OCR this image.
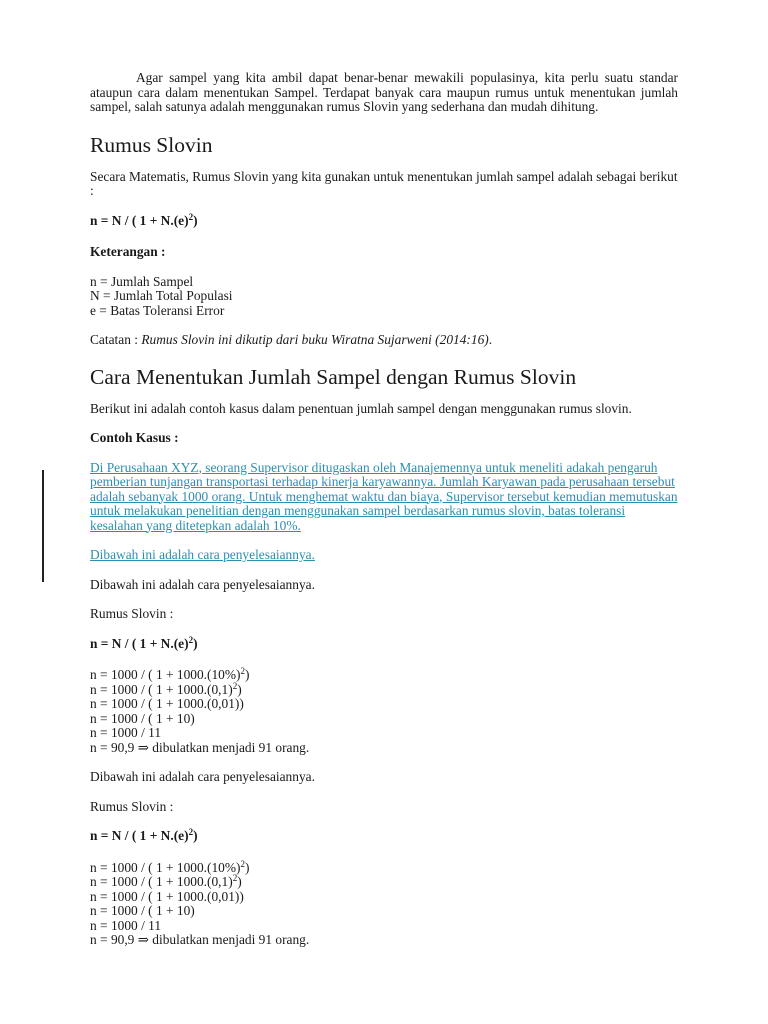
Agar sampel yang kita ambil dapat benar-benar mewakili populasinya, kita perlu suatu standar ataupun cara dalam menentukan Sampel. Terdapat banyak cara maupun rumus untuk menentukan jumlah sampel, salah satunya adalah menggunakan rumus Slovin yang sederhana dan mudah dihitung.

Rumus Slovin

Secara Matematis, Rumus Slovin yang kita gunakan untuk menentukan jumlah sampel adalah sebagai berikut :

n = N / ( $1 + N.(e)^2$)

Keterangan :

n = Jumlah Sampel
N = Jumlah Total Populasi
e = Batas Toleransi Error

Catatan : Rumus Slovin ini dikutip dari buku Wiratna Sujarweni (2014:16).

Cara Menentukan Jumlah Sampel dengan Rumus Slovin

Berikut ini adalah contoh kasus dalam penentuan jumlah sampel dengan menggunakan rumus slovin.

Contoh Kasus :

Di Perusahaan XYZ, seorang Supervisor ditugaskan oleh Manajemennya untuk meneliti adakah pengaruh pemberian tunjangan transportasi terhadap kinerja karyawannya. Jumlah Karyawan pada perusahaan tersebut adalah sebanyak 1000 orang. Untuk menghemat waktu dan biaya, Supervisor tersebut kemudian memutuskan untuk melakukan penelitian dengan menggunakan sampel berdasarkan rumus slovin, batas toleransi kesalahan yang ditetepkan adalah 10%.

Dibawah ini adalah cara penyelesaiannya.

Dibawah ini adalah cara penyelesaiannya.

Rumus Slovin :

n = N / ( $1 + N.(e)^2$)

n = 1000 / ( $1 + 1000.(10\%)^2$)
n = 1000 / ( $1 + 1000.(0,1)^2$)
n = 1000 / ( 1 + 1000.(0,01))
n = 1000 / ( 1 + 10)
n = 1000 / 11
n = 90,9 ⇒ dibulatkan menjadi 91 orang.

Dibawah ini adalah cara penyelesaiannya.

Rumus Slovin :

n = N / ( $1 + N.(e)^2$)

n = 1000 / ( $1 + 1000.(10\%)^2$)
n = 1000 / ( $1 + 1000.(0,1)^2$)
n = 1000 / ( 1 + 1000.(0,01))
n = 1000 / ( 1 + 10)
n = 1000 / 11
n = 90,9 ⇒ dibulatkan menjadi 91 orang.
